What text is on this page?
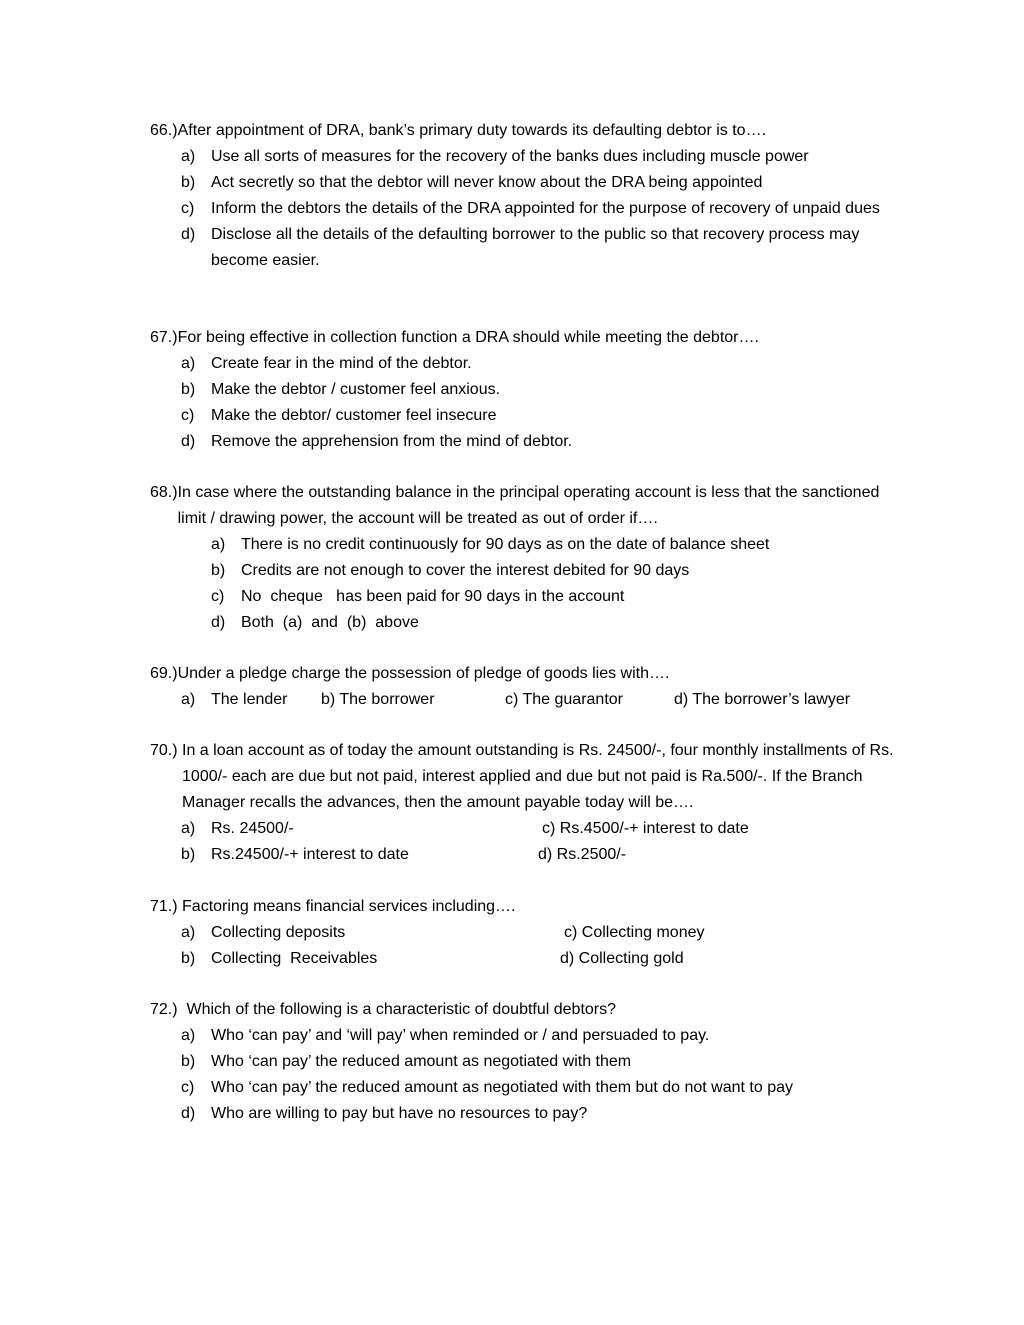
66.) After appointment of DRA, bank’s primary duty towards its defaulting debtor is to….
a) Use all sorts of measures for the recovery of the banks dues including muscle power
b) Act secretly so that the debtor will never know about the DRA being appointed
c)	Inform the debtors the details of the DRA appointed for the purpose of recovery of unpaid dues
d) Disclose all the details of the defaulting borrower to the public so that recovery process may become easier.
67.) For being effective in collection function a DRA should while meeting the debtor….
a) Create fear in the mind of the debtor.
b) Make the debtor / customer feel anxious.
c)	Make the debtor/ customer feel insecure
d) Remove the apprehension from the mind of debtor.
68.) In case where the outstanding balance in the principal operating account is less that the sanctioned limit / drawing power, the account will be treated as out of order if….
a) There is no credit continuously for 90 days as on the date of balance sheet
b) Credits are not enough to cover the interest debited for 90 days
c)	No  cheque   has been paid for 90 days in the account
d) Both  (a)  and  (b)  above
69.) Under a pledge charge the possession of pledge of goods lies with….
a) The lender	b) The borrower	c) The guarantor	d) The borrower’s lawyer
70.) In a loan account as of today the amount outstanding is Rs. 24500/-, four monthly installments of Rs. 1000/- each are due but not paid, interest applied and due but not paid is Ra.500/-. If the Branch Manager recalls the advances, then the amount payable today will be….
a) Rs. 24500/-	c) Rs.4500/-+ interest to date
b) Rs.24500/-+ interest to date	d) Rs.2500/-
71.) Factoring means financial services including….
a) Collecting deposits	c) Collecting money
b) Collecting  Receivables	d) Collecting gold
72.) Which of the following is a characteristic of doubtful debtors?
a) Who ‘can pay’ and ‘will pay’ when reminded or / and persuaded to pay.
b) Who ‘can pay’ the reduced amount as negotiated with them
c)	Who ‘can pay’ the reduced amount as negotiated with them but do not want to pay
d) Who are willing to pay but have no resources to pay?
